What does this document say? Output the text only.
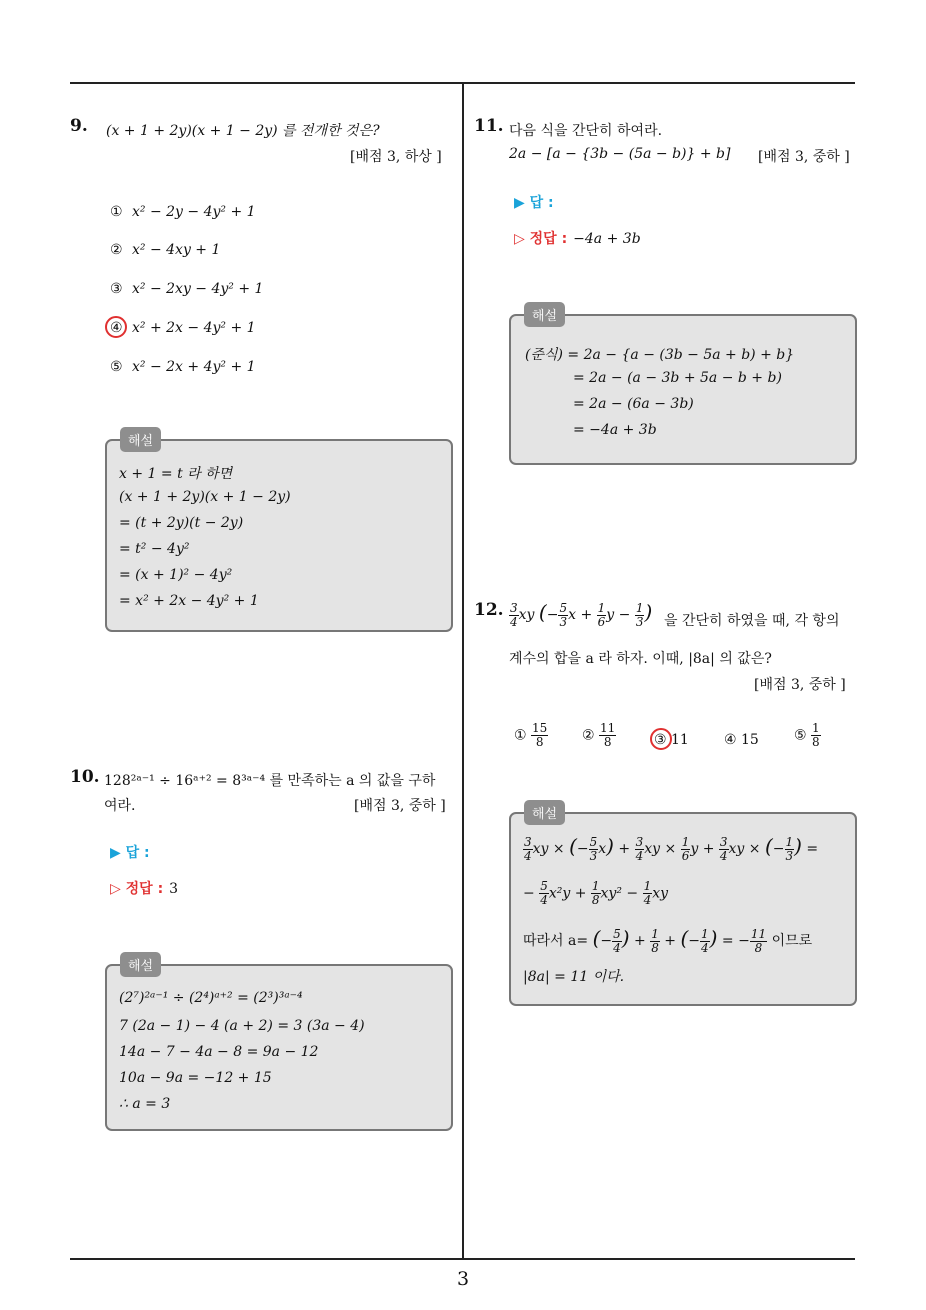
9. (x + 1 + 2y)(x + 1 − 2y) 를 전개한 것은?
[배점 3, 하상 ]
① x² − 2y − 4y² + 1
② x² − 4xy + 1
③ x² − 2xy − 4y² + 1
④ x² + 2x − 4y² + 1
⑤ x² − 2x + 4y² + 1
x + 1 = t 라 하면
(x + 1 + 2y)(x + 1 − 2y)
= (t + 2y)(t − 2y)
= t² − 4y²
= (x + 1)² − 4y²
= x² + 2x − 4y² + 1
해설
10. 128²ᵃ⁻¹ ÷ 16ᵃ⁺² = 8³ᵃ⁻⁴ 를 만족하는 a 의 값을 구하
여라.	[배점 3, 중하 ]
▶ 답 :
▷ 정답 : 3
(2⁷)²ᵃ⁻¹ ÷ (2⁴)ᵃ⁺² = (2³)³ᵃ⁻⁴
7 (2a − 1) − 4 (a + 2) = 3 (3a − 4)
14a − 7 − 4a − 8 = 9a − 12
10a − 9a = −12 + 15
∴ a = 3
해설
11. 다음 식을 간단히 하여라.
2a − [a − {3b − (5a − b)} + b] [배점 3, 중하 ]
▶ 답 :
▷ 정답 : −4a + 3b
(준식) = 2a − {a − (3b − 5a + b) + b}
= 2a − (a − 3b + 5a − b + b)
= 2a − (6a − 3b)
= −4a + 3b
해설
12. $\frac{3}{4}$ xy (− $\frac{5}{3}$ $x + \frac{1}{6}$ $y - \frac{1}{3}$ ) 을 간단히 하였을 때, 각 항의
계수의 합을 a 라 하자. 이때, |8a| 의 값은?
[배점 3, 중하 ]
① $\frac{15}{8}$ ② $\frac{11}{8}$	③ 11	④ 15	⑤ $\frac{1}{8}$
$\frac{3}{4}$ xy × (− $\frac{5}{3} x) + \frac{3}{4}$ xy × $\frac{1}{6}$ $y + \frac{3}{4}$ xy × (− $\frac{1}{3}$ ) =
− $\frac{5}{4} x^2y + \frac{1}{8} xy^2 - \frac{1}{4}$ xy
따라서 a= (− $\frac{5}{4}$ ) + $\frac{1}{8}$ + (− $\frac{1}{4}$ ) = − $\frac{11}{8}$ 이므로
|8a| = 11 이다.
해설
3
